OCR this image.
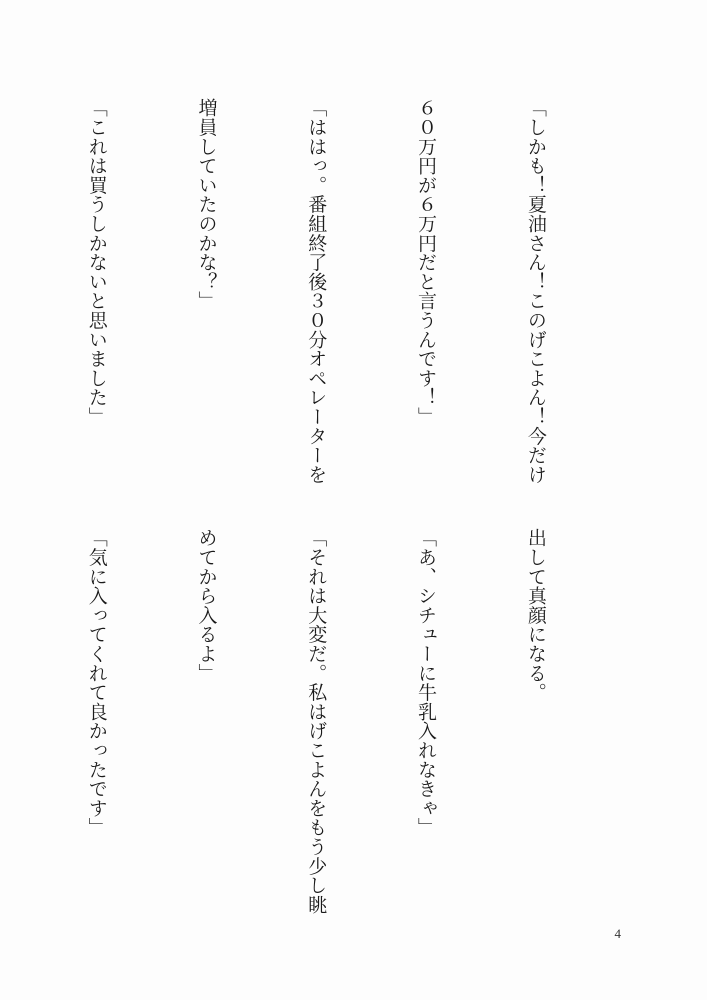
「しかも！夏油さん！このげこよん！今だけ

６０万円が６万円だと言うんです！」

「ははっ。番組終了後３０分オペレーターを

増員していたのかな？」

「これは買うしかないと思いました」

出して真顔になる。

「あ、シチューに牛乳入れなきゃ」

「それは大変だ。私はげこよんをもう少し眺

めてから入るよ」

「気に入ってくれて良かったです」

4
